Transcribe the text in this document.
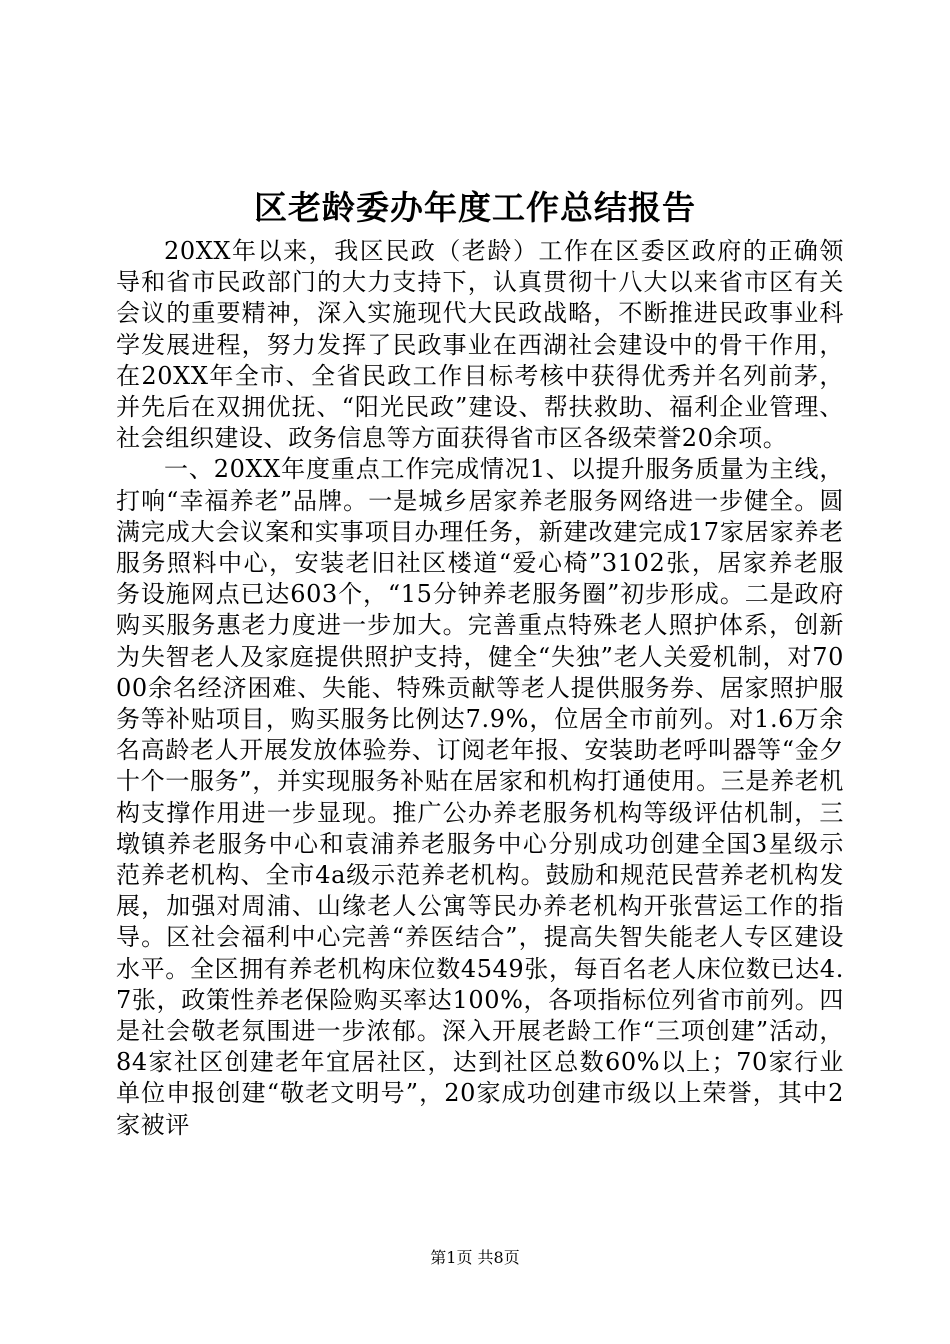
区老龄委办年度工作总结报告

20XX年以来，我区民政（老龄）工作在区委区政府的正确领导和省市民政部门的大力支持下，认真贯彻十八大以来省市区有关会议的重要精神，深入实施现代大民政战略，不断推进民政事业科学发展进程，努力发挥了民政事业在西湖社会建设中的骨干作用，在20XX年全市、全省民政工作目标考核中获得优秀并名列前茅，并先后在双拥优抚、“阳光民政”建设、帮扶救助、福利企业管理、社会组织建设、政务信息等方面获得省市区各级荣誉20余项。

一、20XX年度重点工作完成情况1、以提升服务质量为主线，打响“幸福养老”品牌。一是城乡居家养老服务网络进一步健全。圆满完成大会议案和实事项目办理任务，新建改建完成17家居家养老服务照料中心，安装老旧社区楼道“爱心椅”3102张，居家养老服务设施网点已达603个，“15分钟养老服务圈”初步形成。二是政府购买服务惠老力度进一步加大。完善重点特殊老人照护体系，创新为失智老人及家庭提供照护支持，健全“失独”老人关爱机制，对7000余名经济困难、失能、特殊贡献等老人提供服务券、居家照护服务等补贴项目，购买服务比例达7.9%，位居全市前列。对1.6万余名高龄老人开展发放体验券、订阅老年报、安装助老呼叫器等“金夕十个一服务”，并实现服务补贴在居家和机构打通使用。三是养老机构支撑作用进一步显现。推广公办养老服务机构等级评估机制，三墩镇养老服务中心和袁浦养老服务中心分别成功创建全国3星级示范养老机构、全市4a级示范养老机构。鼓励和规范民营养老机构发展，加强对周浦、山缘老人公寓等民办养老机构开张营运工作的指导。区社会福利中心完善“养医结合”，提高失智失能老人专区建设水平。全区拥有养老机构床位数4549张，每百名老人床位数已达4.7张，政策性养老保险购买率达100%，各项指标位列省市前列。四是社会敬老氛围进一步浓郁。深入开展老龄工作“三项创建”活动，84家社区创建老年宜居社区，达到社区总数60%以上；70家行业单位申报创建“敬老文明号”，20家成功创建市级以上荣誉，其中2家被评

第1页 共8页
